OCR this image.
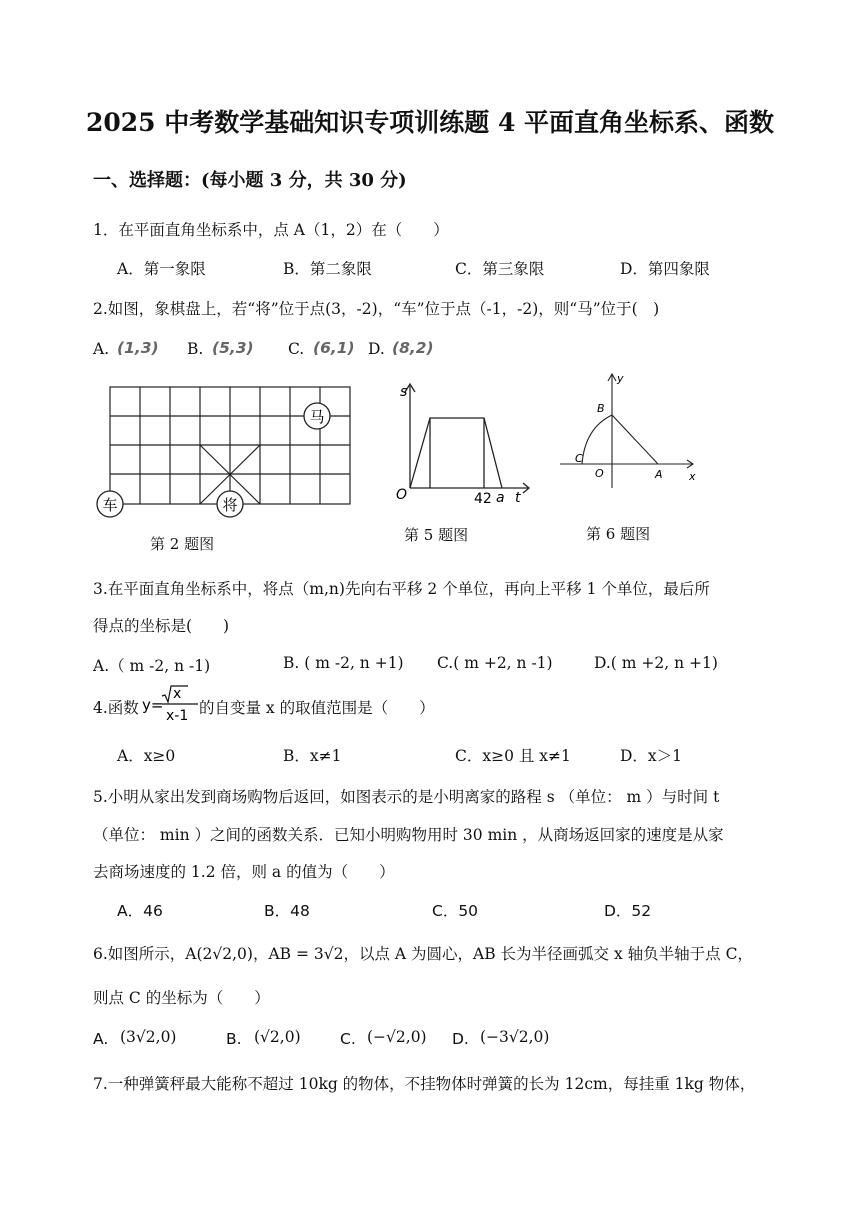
2025 中考数学基础知识专项训练题 4 平面直角坐标系、函数
一、选择题：(每小题 3 分，共 30 分)
1．在平面直角坐标系中，点 A（1，2）在（　　）
A．第一象限	B．第二象限	C．第三象限	D．第四象限
2.如图，象棋盘上，若“将”位于点(3，-2)，“车”位于点（-1，-2)，则“马”位于(　)
A. (1,3) B. (5,3) C. (6,1) D. (8,2)
马
车	将
第 2 题图
s
O	42 a t
第 5 题图
y
x
B
C
O	A
第 6 题图
3.在平面直角坐标系中，将点（m,n)先向右平移 2 个单位，再向上平移 1 个单位，最后所
得点的坐标是(　　)
A.（ m -2, n -1)	B. ( m -2, n +1) C.( m +2, n -1)	D.( m +2, n +1)
4.函数 y=
x
x-1 的自变量 x 的取值范围是（　　）
A．x≥0	B．x≠1	C．x≥0 且 x≠1	D．x＞1
5.小明从家出发到商场购物后返回，如图表示的是小明离家的路程 s （单位： m ）与时间 t
（单位： min ）之间的函数关系．已知小明购物用时 30 min ，从商场返回家的速度是从家
去商场速度的 1.2 倍，则 a 的值为（　　）
A．46	B．48	C．50	D．52
6.如图所示，A(2√2,0)，AB = 3√2，以点 A 为圆心，AB 长为半径画弧交 x 轴负半轴于点 C，
则点 C 的坐标为（　　）
A. (3√2,0)	B. (√2,0)	C. (−√2,0) D. (−3√2,0)
7.一种弹簧秤最大能称不超过 10kg 的物体，不挂物体时弹簧的长为 12cm，每挂重 1kg 物体，
